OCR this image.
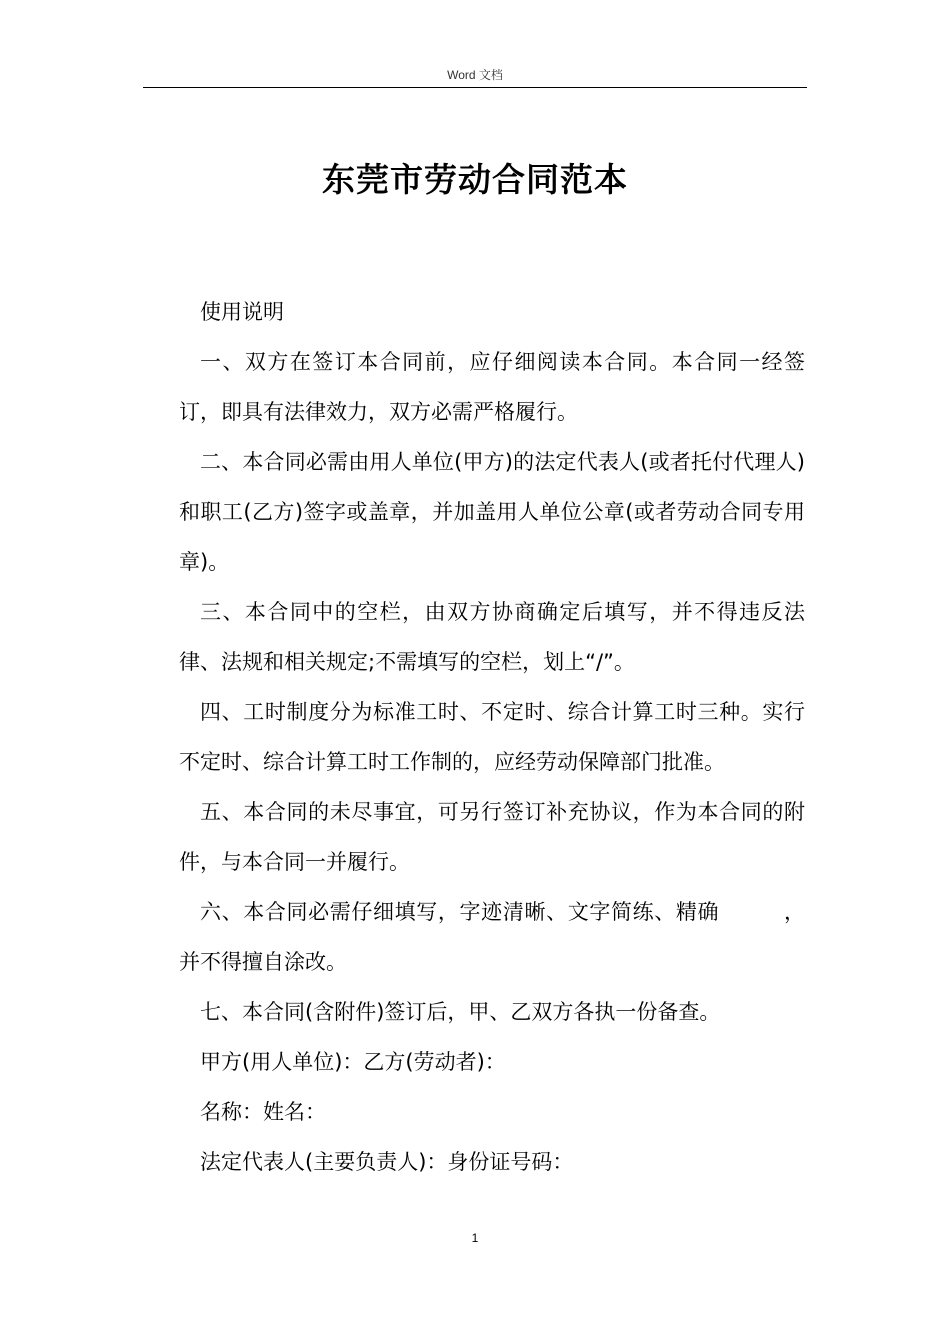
Word 文档
东莞市劳动合同范本

使用说明

一、双方在签订本合同前，应仔细阅读本合同。本合同一经签订，即具有法律效力，双方必需严格履行。

二、本合同必需由用人单位(甲方)的法定代表人(或者托付代理人)和职工(乙方)签字或盖章，并加盖用人单位公章(或者劳动合同专用章)。

三、本合同中的空栏，由双方协商确定后填写，并不得违反法律、法规和相关规定;不需填写的空栏，划上“/”。

四、工时制度分为标准工时、不定时、综合计算工时三种。实行不定时、综合计算工时工作制的，应经劳动保障部门批准。

五、本合同的未尽事宜，可另行签订补充协议，作为本合同的附件，与本合同一并履行。

六、本合同必需仔细填写，字迹清晰、文字简练、精确　　　，并不得擅自涂改。

七、本合同(含附件)签订后，甲、乙双方各执一份备查。

甲方(用人单位)：乙方(劳动者)：

名称：姓名：

法定代表人(主要负责人)：身份证号码：

1
